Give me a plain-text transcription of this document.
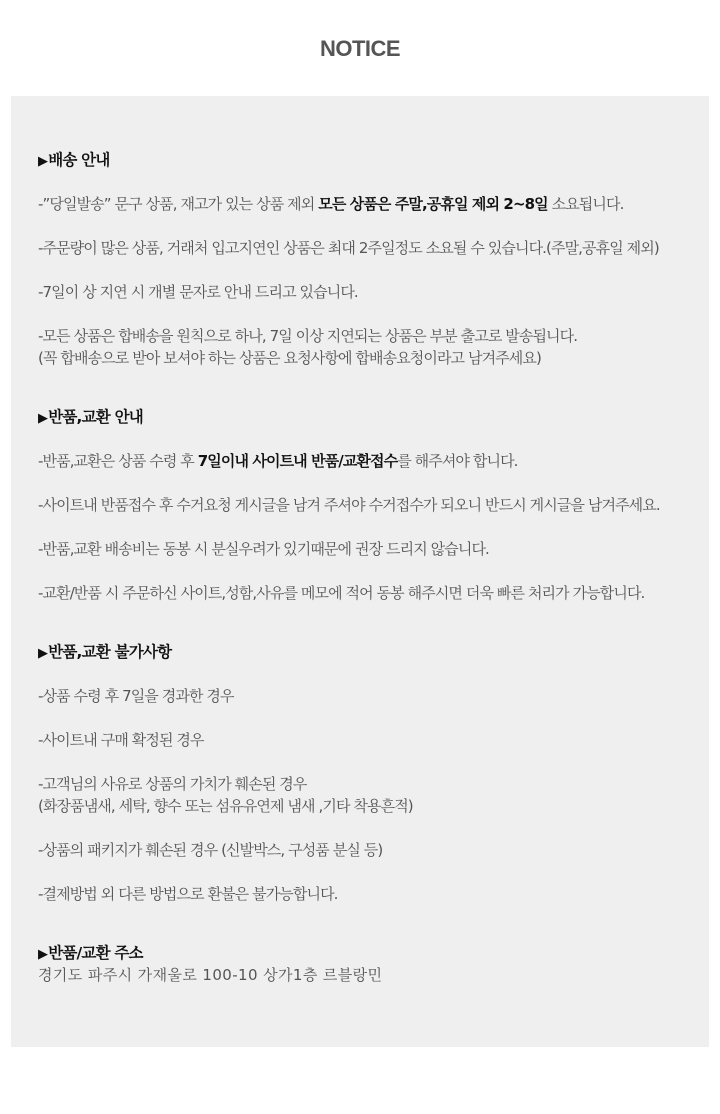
NOTICE
▶배송 안내
-”당일발송” 문구 상품, 재고가 있는 상품 제외 모든 상품은 주말,공휴일 제외 2~8일 소요됩니다.
-주문량이 많은 상품, 거래처 입고지연인 상품은 최대 2주일정도 소요될 수 있습니다.(주말,공휴일 제외)
-7일이 상 지연 시 개별 문자로 안내 드리고 있습니다.
-모든 상품은 합배송을 원칙으로 하나, 7일 이상 지연되는 상품은 부분 출고로 발송됩니다.
(꼭 합배송으로 받아 보셔야 하는 상품은 요청사항에 합배송요청이라고 남겨주세요)
▶반품,교환 안내
-반품,교환은 상품 수령 후 7일이내 사이트내 반품/교환접수를 해주셔야 합니다.
-사이트내 반품접수 후 수거요청 게시글을 남겨 주셔야 수거접수가 되오니 반드시 게시글을 남겨주세요.
-반품,교환 배송비는 동봉 시 분실우려가 있기때문에 권장 드리지 않습니다.
-교환/반품 시 주문하신 사이트,성함,사유를 메모에 적어 동봉 해주시면 더욱 빠른 처리가 가능합니다.
▶반품,교환 불가사항
-상품 수령 후 7일을 경과한 경우
-사이트내 구매 확정된 경우
-고객님의 사유로 상품의 가치가 훼손된 경우
(화장품냄새, 세탁, 향수 또는 섬유유연제 냄새 ,기타 착용흔적)
-상품의 패키지가 훼손된 경우 (신발박스, 구성품 분실 등)
-결제방법 외 다른 방법으로 환불은 불가능합니다.
▶반품/교환 주소
경기도 파주시 가재울로 100-10 상가1층 르블랑민
